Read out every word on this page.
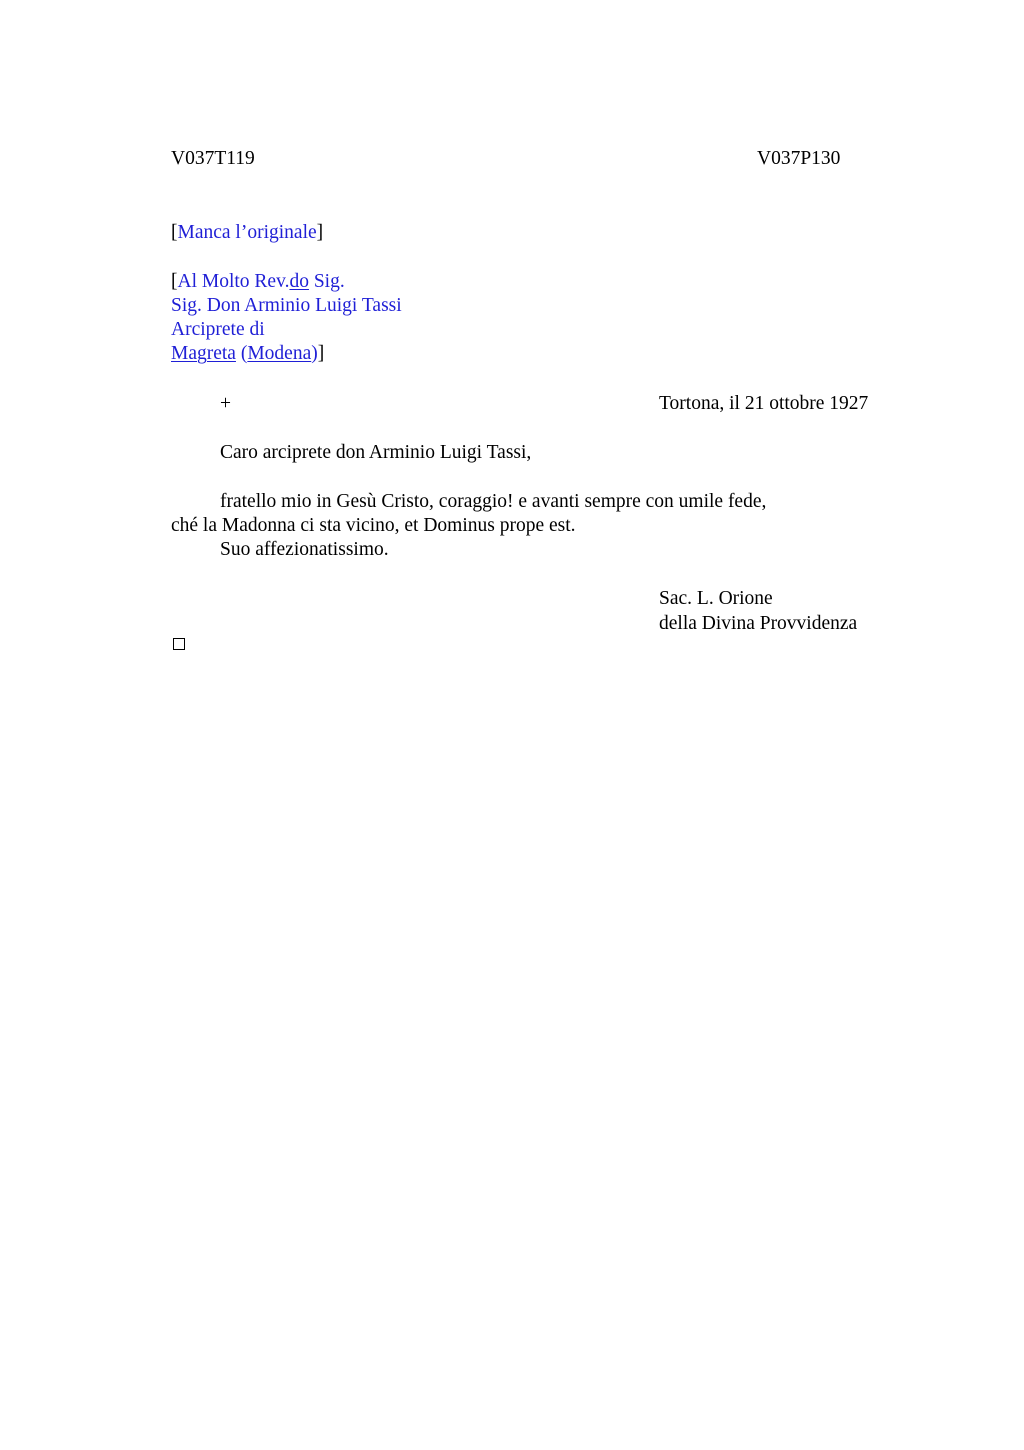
V037T119	V037P130
[Manca l’originale]
[Al Molto Rev.do Sig.
Sig. Don Arminio Luigi Tassi
Arciprete di
Magreta (Modena)]
+	Tortona, il 21 ottobre 1927
Caro arciprete don Arminio Luigi Tassi,
fratello mio in Gesù Cristo, coraggio! e avanti sempre con umile fede,
ché la Madonna ci sta vicino, et Dominus prope est.
Suo affezionatissimo.
Sac. L. Orione
della Divina Provvidenza
